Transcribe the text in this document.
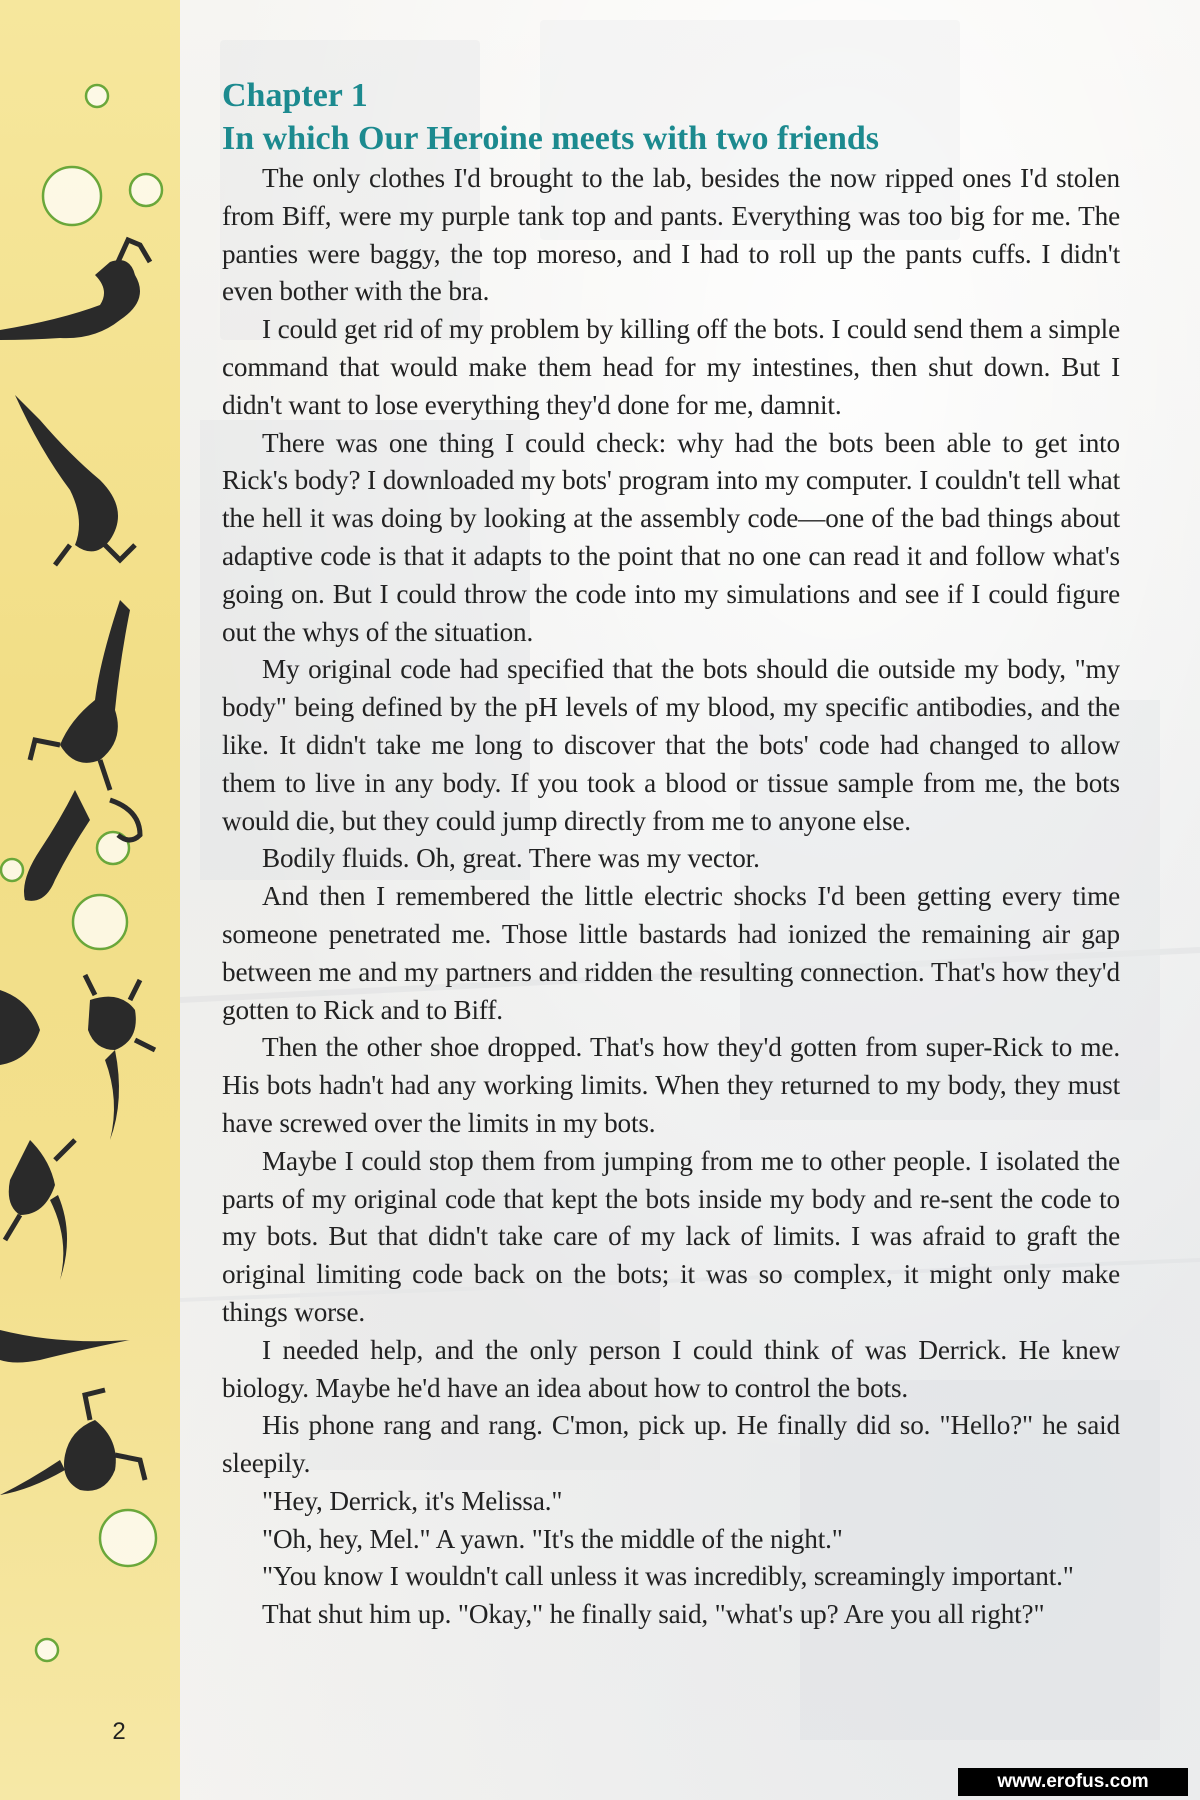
2
Chapter 1
In which Our Heroine meets with two friends

The only clothes I'd brought to the lab, besides the now ripped ones I'd stolen from Biff, were my purple tank top and pants. Everything was too big for me. The panties were baggy, the top moreso, and I had to roll up the pants cuffs. I didn't even bother with the bra.

I could get rid of my problem by killing off the bots. I could send them a simple command that would make them head for my intestines, then shut down. But I didn't want to lose everything they'd done for me, damnit.

There was one thing I could check: why had the bots been able to get into Rick's body? I downloaded my bots' program into my computer. I couldn't tell what the hell it was doing by looking at the assembly code—one of the bad things about adaptive code is that it adapts to the point that no one can read it and follow what's going on. But I could throw the code into my simulations and see if I could figure out the whys of the situation.

My original code had specified that the bots should die outside my body, "my body" being defined by the pH levels of my blood, my specific antibodies, and the like. It didn't take me long to discover that the bots' code had changed to allow them to live in any body. If you took a blood or tissue sample from me, the bots would die, but they could jump directly from me to anyone else.

Bodily fluids. Oh, great. There was my vector.

And then I remembered the little electric shocks I'd been getting every time someone penetrated me. Those little bastards had ionized the remaining air gap between me and my partners and ridden the resulting connection. That's how they'd gotten to Rick and to Biff.

Then the other shoe dropped. That's how they'd gotten from super-Rick to me. His bots hadn't had any working limits. When they returned to my body, they must have screwed over the limits in my bots.

Maybe I could stop them from jumping from me to other people. I isolated the parts of my original code that kept the bots inside my body and re-sent the code to my bots. But that didn't take care of my lack of limits. I was afraid to graft the original limiting code back on the bots; it was so complex, it might only make things worse.

I needed help, and the only person I could think of was Derrick. He knew biology. Maybe he'd have an idea about how to control the bots.

His phone rang and rang. C'mon, pick up. He finally did so. "Hello?" he said sleepily.

"Hey, Derrick, it's Melissa."

"Oh, hey, Mel." A yawn. "It's the middle of the night."

"You know I wouldn't call unless it was incredibly, screamingly important."

That shut him up. "Okay," he finally said, "what's up? Are you all right?"

www.erofus.com
